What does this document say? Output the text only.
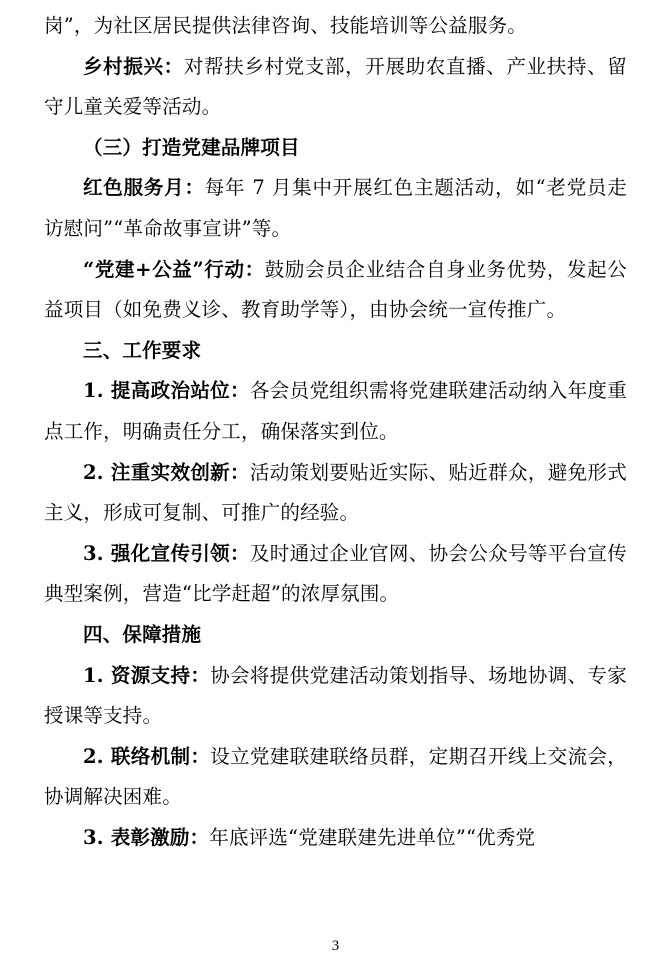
岗”，为社区居民提供法律咨询、技能培训等公益服务。

乡村振兴：对帮扶乡村党支部，开展助农直播、产业扶持、留守儿童关爱等活动。

（三）打造党建品牌项目

红色服务月：每年 7 月集中开展红色主题活动，如“老党员走访慰问”“革命故事宣讲”等。

“党建+公益”行动：鼓励会员企业结合自身业务优势，发起公益项目（如免费义诊、教育助学等），由协会统一宣传推广。

三、工作要求

1. 提高政治站位：各会员党组织需将党建联建活动纳入年度重点工作，明确责任分工，确保落实到位。

2. 注重实效创新：活动策划要贴近实际、贴近群众，避免形式主义，形成可复制、可推广的经验。

3. 强化宣传引领：及时通过企业官网、协会公众号等平台宣传典型案例，营造“比学赶超”的浓厚氛围。

四、保障措施

1. 资源支持：协会将提供党建活动策划指导、场地协调、专家授课等支持。

2. 联络机制：设立党建联建联络员群，定期召开线上交流会，协调解决困难。

3. 表彰激励：年底评选“党建联建先进单位”“优秀党

3
